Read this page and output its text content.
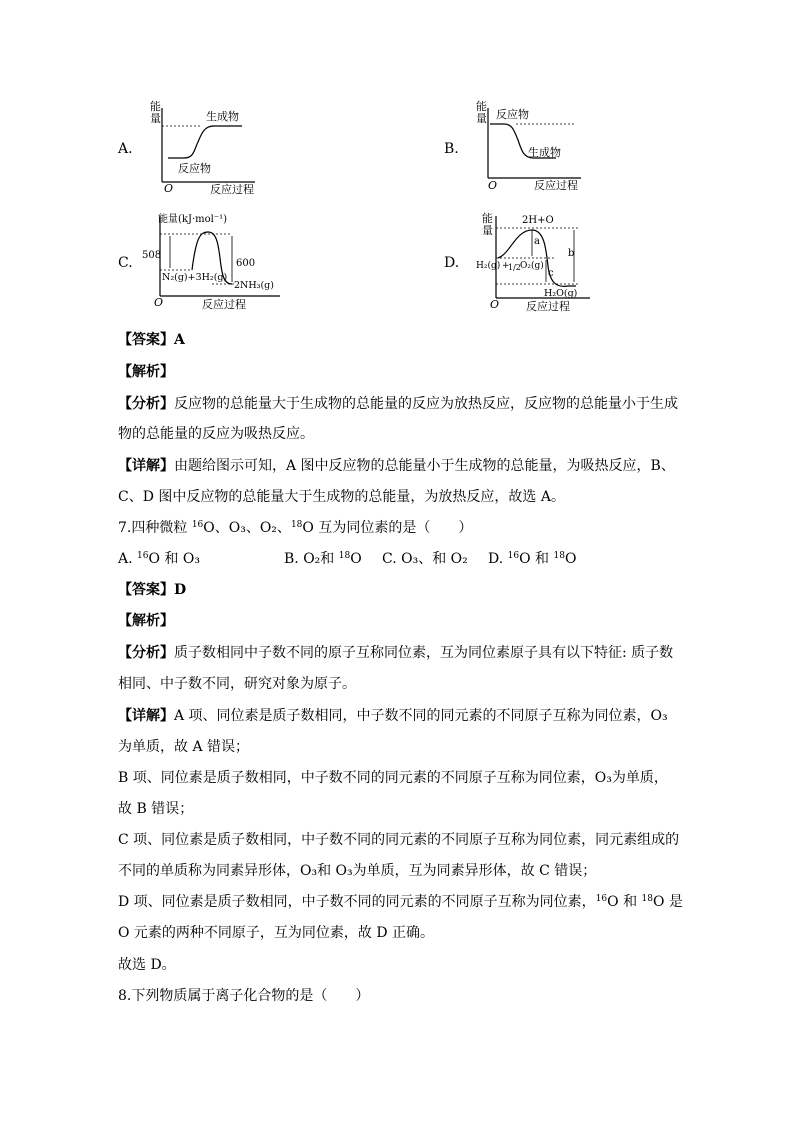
A.	B.
C.	D.
能
量	生成物
反应物
O	反应过程
能
量 反应物
生成物
O	反应过程
能量(kJ·mol⁻¹)
508
600
N₂(g)+3H₂(g)
2NH₃(g)
O	反应过程
能
量
2H+O
a
b
c
H₂(g) +
1/2 O₂(g)
H₂O(g)
O 反应过程
【答案】A
【解析】
【分析】反应物的总能量大于生成物的总能量的反应为放热反应，反应物的总能量小于生成
物的总能量的反应为吸热反应。
【详解】由题给图示可知，A 图中反应物的总能量小于生成物的总能量，为吸热反应，B、
C、D 图中反应物的总能量大于生成物的总能量，为放热反应，故选 A。
7.四种微粒 $^{16}$O、O₃、O₂、$^{18}$O 互为同位素的是（　　）
A. $^{16}$O 和 O₃	B. O₂和 $^{18}$O C. O₃、和 O₂ D. $^{16}$O 和 $^{18}$O
【答案】D
【解析】
【分析】质子数相同中子数不同的原子互称同位素，互为同位素原子具有以下特征: 质子数
相同、中子数不同，研究对象为原子。
【详解】A 项、同位素是质子数相同，中子数不同的同元素的不同原子互称为同位素，O₃
为单质，故 A 错误；
B 项、同位素是质子数相同，中子数不同的同元素的不同原子互称为同位素，O₃为单质，
故 B 错误；
C 项、同位素是质子数相同，中子数不同的同元素的不同原子互称为同位素，同元素组成的
不同的单质称为同素异形体，O₃和 O₃为单质，互为同素异形体，故 C 错误；
D 项、同位素是质子数相同，中子数不同的同元素的不同原子互称为同位素，$^{16}$O 和 $^{18}$O 是
O 元素的两种不同原子，互为同位素，故 D 正确。
故选 D。
8.下列物质属于离子化合物的是（　　）
